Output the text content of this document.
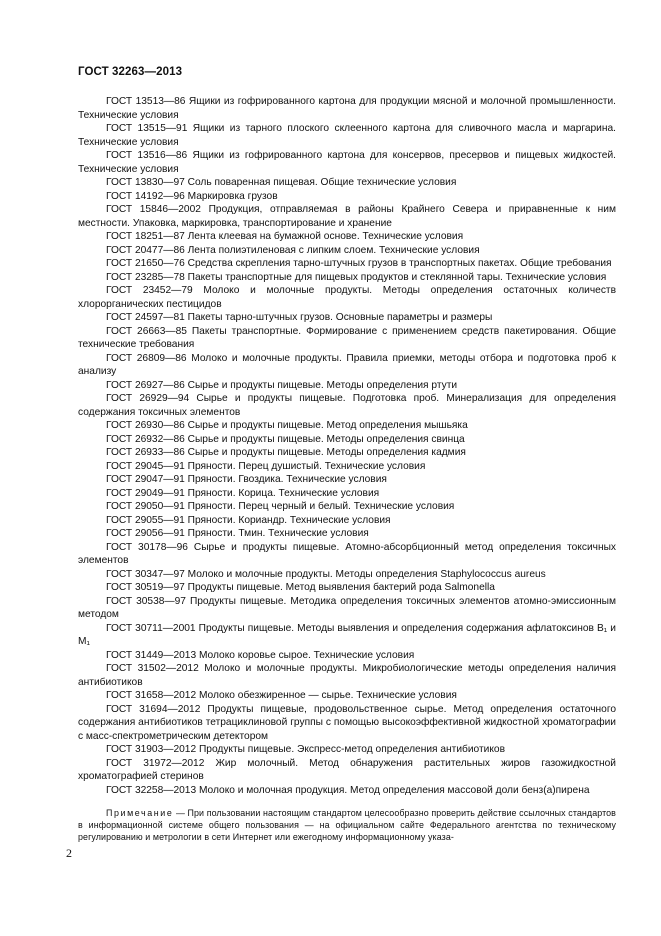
ГОСТ 32263—2013

ГОСТ 13513—86 Ящики из гофрированного картона для продукции мясной и молочной промышленности. Технические условия

ГОСТ 13515—91 Ящики из тарного плоского склеенного картона для сливочного масла и маргарина. Технические условия

ГОСТ 13516—86 Ящики из гофрированного картона для консервов, пресервов и пищевых жидкостей. Технические условия

ГОСТ 13830—97 Соль поваренная пищевая. Общие технические условия

ГОСТ 14192—96 Маркировка грузов

ГОСТ 15846—2002 Продукция, отправляемая в районы Крайнего Севера и приравненные к ним местности. Упаковка, маркировка, транспортирование и хранение

ГОСТ 18251—87 Лента клеевая на бумажной основе. Технические условия

ГОСТ 20477—86 Лента полиэтиленовая с липким слоем. Технические условия

ГОСТ 21650—76 Средства скрепления тарно-штучных грузов в транспортных пакетах. Общие требования

ГОСТ 23285—78 Пакеты транспортные для пищевых продуктов и стеклянной тары. Технические условия

ГОСТ 23452—79 Молоко и молочные продукты. Методы определения остаточных количеств хлорорганических пестицидов

ГОСТ 24597—81 Пакеты тарно-штучных грузов. Основные параметры и размеры

ГОСТ 26663—85 Пакеты транспортные. Формирование с применением средств пакетирования. Общие технические требования

ГОСТ 26809—86 Молоко и молочные продукты. Правила приемки, методы отбора и подготовка проб к анализу

ГОСТ 26927—86 Сырье и продукты пищевые. Методы определения ртути

ГОСТ 26929—94 Сырье и продукты пищевые. Подготовка проб. Минерализация для определения содержания токсичных элементов

ГОСТ 26930—86 Сырье и продукты пищевые. Метод определения мышьяка

ГОСТ 26932—86 Сырье и продукты пищевые. Методы определения свинца

ГОСТ 26933—86 Сырье и продукты пищевые. Методы определения кадмия

ГОСТ 29045—91 Пряности. Перец душистый. Технические условия

ГОСТ 29047—91 Пряности. Гвоздика. Технические условия

ГОСТ 29049—91 Пряности. Корица. Технические условия

ГОСТ 29050—91 Пряности. Перец черный и белый. Технические условия

ГОСТ 29055—91 Пряности. Кориандр. Технические условия

ГОСТ 29056—91 Пряности. Тмин. Технические условия

ГОСТ 30178—96 Сырье и продукты пищевые. Атомно-абсорбционный метод определения токсичных элементов

ГОСТ 30347—97 Молоко и молочные продукты. Методы определения Staphylococcus aureus

ГОСТ 30519—97 Продукты пищевые. Метод выявления бактерий рода Salmonella

ГОСТ 30538—97 Продукты пищевые. Методика определения токсичных элементов атомно-эмиссионным методом

ГОСТ 30711—2001 Продукты пищевые. Методы выявления и определения содержания афлатоксинов B₁ и M₁

ГОСТ 31449—2013 Молоко коровье сырое. Технические условия

ГОСТ 31502—2012 Молоко и молочные продукты. Микробиологические методы определения наличия антибиотиков

ГОСТ 31658—2012 Молоко обезжиренное — сырье. Технические условия

ГОСТ 31694—2012 Продукты пищевые, продовольственное сырье. Метод определения остаточного содержания антибиотиков тетрациклиновой группы с помощью высокоэффективной жидкостной хроматографии с масс-спектрометрическим детектором

ГОСТ 31903—2012 Продукты пищевые. Экспресс-метод определения антибиотиков

ГОСТ 31972—2012 Жир молочный. Метод обнаружения растительных жиров газожидкостной хроматографией стеринов

ГОСТ 32258—2013 Молоко и молочная продукция. Метод определения массовой доли бенз(а)пирена

Примечание — При пользовании настоящим стандартом целесообразно проверить действие ссылочных стандартов в информационной системе общего пользования — на официальном сайте Федерального агентства по техническому регулированию и метрологии в сети Интернет или ежегодному информационному указа-
2
